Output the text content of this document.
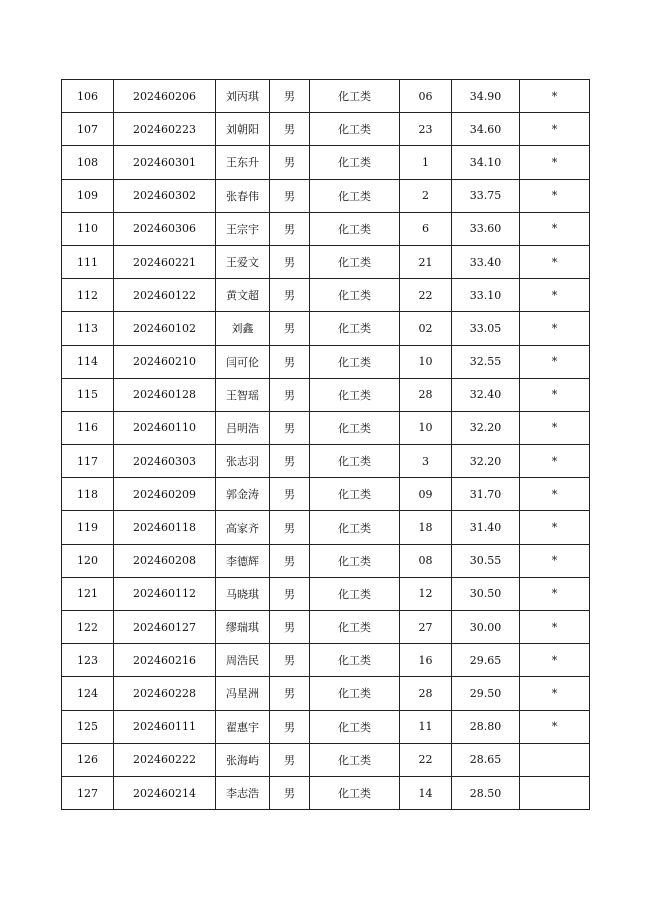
106	202460206	刘丙琪	男	化工类	06	34.90	*
107	202460223	刘朝阳	男	化工类	23	34.60	*
108	202460301	王东升	男	化工类	1	34.10	*
109	202460302	张春伟	男	化工类	2	33.75	*
110	202460306	王宗宇	男	化工类	6	33.60	*
111	202460221	王爱文	男	化工类	21	33.40	*
112	202460122	黄文超	男	化工类	22	33.10	*
113	202460102	刘鑫	男	化工类	02	33.05	*
114	202460210	闫可伦	男	化工类	10	32.55	*
115	202460128	王智瑶	男	化工类	28	32.40	*
116	202460110	吕明浩	男	化工类	10	32.20	*
117	202460303	张志羽	男	化工类	3	32.20	*
118	202460209	郭金涛	男	化工类	09	31.70	*
119	202460118	高家齐	男	化工类	18	31.40	*
120	202460208	李德辉	男	化工类	08	30.55	*
121	202460112	马晓琪	男	化工类	12	30.50	*
122	202460127	缪瑞琪	男	化工类	27	30.00	*
123	202460216	周浩民	男	化工类	16	29.65	*
124	202460228	冯星洲	男	化工类	28	29.50	*
125	202460111	翟惠宇	男	化工类	11	28.80	*
126	202460222	张海屿	男	化工类	22	28.65	
127	202460214	李志浩	男	化工类	14	28.50	
